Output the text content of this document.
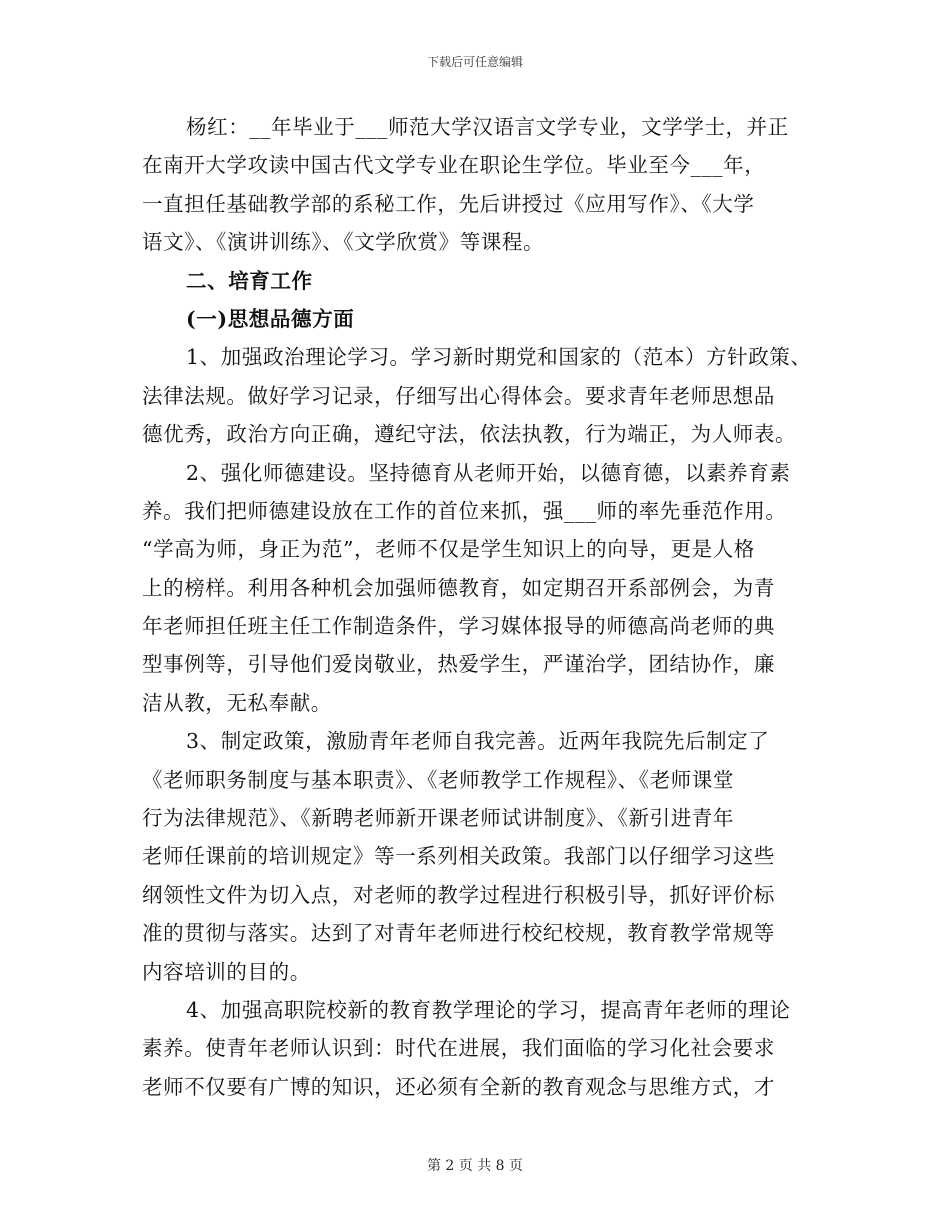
下载后可任意编辑
杨红：__年毕业于___师范大学汉语言文学专业，文学学士，并正
在南开大学攻读中国古代文学专业在职论生学位。毕业至今___年，
一直担任基础教学部的系秘工作，先后讲授过《应用写作》、《大学
语文》、《演讲训练》、《文学欣赏》等课程。
二、培育工作
(一)思想品德方面
1、加强政治理论学习。学习新时期党和国家的（范本）方针政策、
法律法规。做好学习记录，仔细写出心得体会。要求青年老师思想品
德优秀，政治方向正确，遵纪守法，依法执教，行为端正，为人师表。
2、强化师德建设。坚持德育从老师开始，以德育德，以素养育素
养。我们把师德建设放在工作的首位来抓，强___师的率先垂范作用。
“学高为师，身正为范”，老师不仅是学生知识上的向导，更是人格
上的榜样。利用各种机会加强师德教育，如定期召开系部例会，为青
年老师担任班主任工作制造条件，学习媒体报导的师德高尚老师的典
型事例等，引导他们爱岗敬业，热爱学生，严谨治学，团结协作，廉
洁从教，无私奉献。
3、制定政策，激励青年老师自我完善。近两年我院先后制定了
《老师职务制度与基本职责》、《老师教学工作规程》、《老师课堂
行为法律规范》、《新聘老师新开课老师试讲制度》、《新引进青年
老师任课前的培训规定》等一系列相关政策。我部门以仔细学习这些
纲领性文件为切入点，对老师的教学过程进行积极引导，抓好评价标
准的贯彻与落实。达到了对青年老师进行校纪校规，教育教学常规等
内容培训的目的。
4、加强高职院校新的教育教学理论的学习，提高青年老师的理论
素养。使青年老师认识到：时代在进展，我们面临的学习化社会要求
老师不仅要有广博的知识，还必须有全新的教育观念与思维方式，才
第 2 页 共 8 页
